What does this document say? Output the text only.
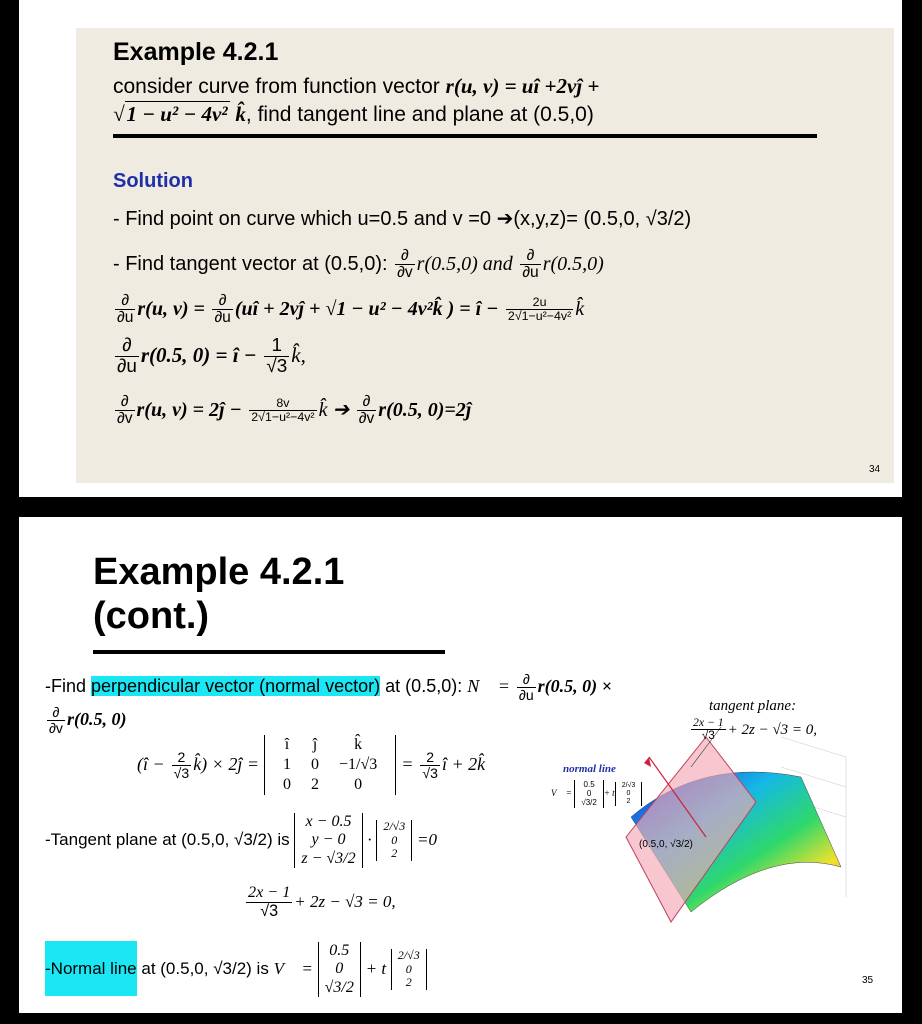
Example 4.2.1
consider curve from function vector r(u, v) = uî +2vĵ +
√1 − u² − 4v² k̂, find tangent line and plane at (0.5,0)
Solution
- Find point on curve which u=0.5 and v =0 ➔(x,y,z)= (0.5,0, √3/2)
- Find tangent vector at (0.5,0): $\frac{\partial}{\partial v} r(0.5,0)$ and $\frac{\partial}{\partial u} r(0.5,0)$
$\frac{\partial}{\partial u} r(u$, $v) = \frac{\partial}{\partial u}$ (uî + 2vĵ + √1 − u² − 4v²k̂ ) = î − $\frac{2u}{\text{2√1−u²−4v²}}$ k̂
$\frac{\partial}{\partial u} r(0.5$, 0) = î − $\frac{1}{√3}$ k̂,
$\frac{\partial}{\partial v} r(u$, v) = 2ĵ − $\frac{8v}{\text{2√1−u²−4v²}}$ k̂ ➔ $\frac{\partial}{\partial v} r(0.5$, 0)=2ĵ
34
Example 4.2.1
(cont.)
-Find perpendicular vector (normal vector) at (0.5,0): N⃗ = $\frac{\partial}{\partial u} r(0.5$, 0) ×
$\frac{\partial}{\partial v} r(0.5$, 0)
(î − $\frac{2}{√3}$ k̂) × 2ĵ =
î	ĵ	k̂
1	0	−1/√3
0	2	0
= $\frac{2}{√3}$ î + 2k̂
-Tangent plane at (0.5,0, √3/2) is
x − 0.5
y − 0
z − √3/2
·
2/√3
0
2
=0
$\frac{2x - 1}{√3} + 2z - √3 = 0$,
-Normal line at (0.5,0, √3/2) is V⃗ =
0.5
0
√3/2
+ t
2/√3
0
2
tangent plane:
$\frac{2x - 1}{√3} + 2z - √3 = 0$,
normal line
V⃗ =
0.5
0
√3/2
+ t
2/√3
0
2
(0.5,0, √3/2)
35
